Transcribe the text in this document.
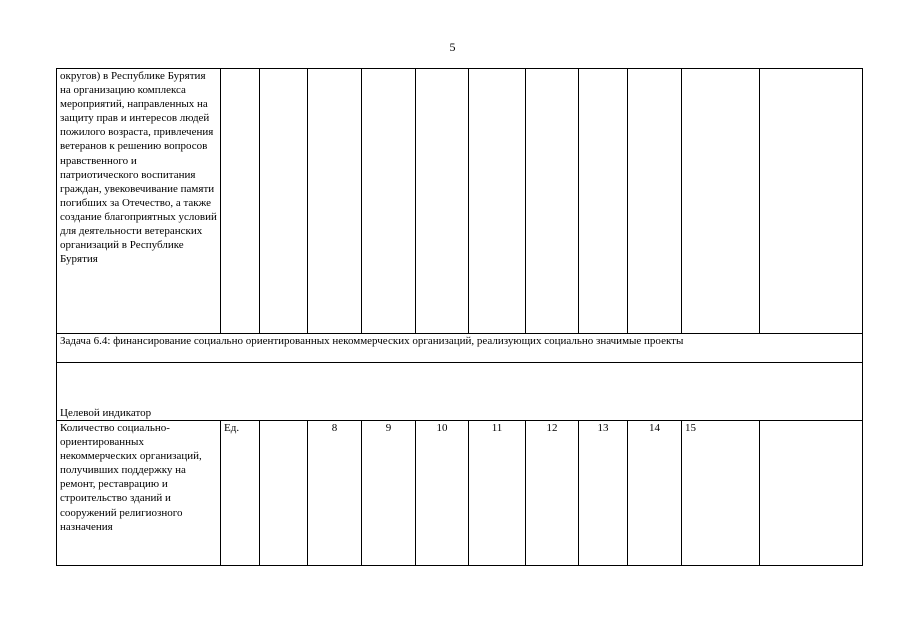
5
округов) в Республике Бурятия на организацию комплекса мероприятий, направленных на защиту прав и интересов людей пожилого возраста, привлечения ветеранов к решению вопросов нравственного и патриотического воспитания граждан, увековечивание памяти погибших за Отечество, а также создание благоприятных условий для деятельности ветеранских организаций в Республике Бурятия											
Задача 6.4: финансирование социально ориентированных некоммерческих организаций, реализующих социально значимые проекты											
Целевой индикатор											
Количество социально-ориентированных некоммерческих организаций, получивших поддержку на ремонт, реставрацию и строительство зданий и сооружений религиозного назначения	Ед.		8	9	10	11	12	13	14	15	
